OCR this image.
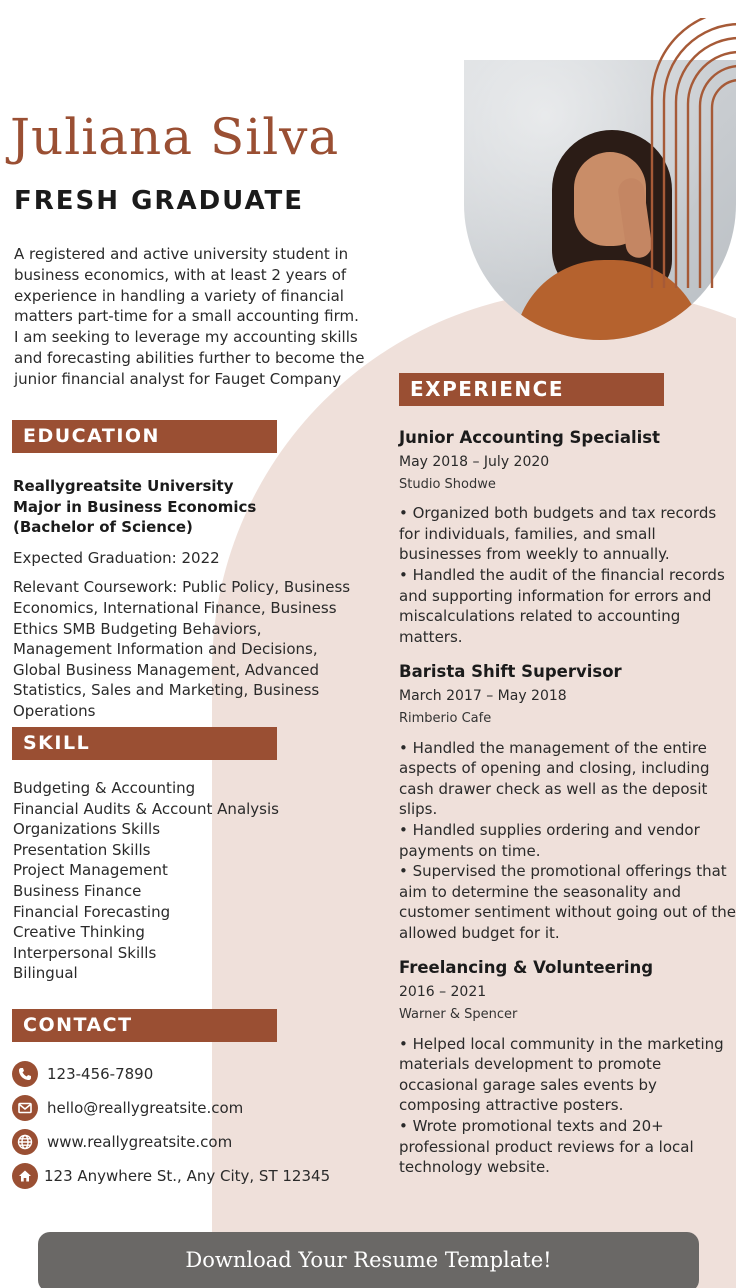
Juliana Silva
FRESH GRADUATE

A registered and active university student in business economics, with at least 2 years of experience in handling a variety of financial matters part-time for a small accounting firm. I am seeking to leverage my accounting skills and forecasting abilities further to become the junior financial analyst for Fauget Company

EDUCATION
Reallygreatsite University
Major in Business Economics
(Bachelor of Science)
Expected Graduation: 2022
Relevant Coursework: Public Policy, Business Economics, International Finance, Business Ethics SMB Budgeting Behaviors, Management Information and Decisions, Global Business Management, Advanced Statistics, Sales and Marketing, Business Operations
SKILL
Budgeting & Accounting
Financial Audits & Account Analysis
Organizations Skills
Presentation Skills
Project Management
Business Finance
Financial Forecasting
Creative Thinking
Interpersonal Skills
Bilingual
CONTACT
123-456-7890
hello@reallygreatsite.com
www.reallygreatsite.com
123 Anywhere St., Any City, ST 12345
EXPERIENCE
Junior Accounting Specialist
May 2018 – July 2020
Studio Shodwe

• Organized both budgets and tax records for individuals, families, and small businesses from weekly to annually.

• Handled the audit of the financial records and supporting information for errors and miscalculations related to accounting matters.

Barista Shift Supervisor
March 2017 – May 2018
Rimberio Cafe

• Handled the management of the entire aspects of opening and closing, including cash drawer check as well as the deposit slips.

• Handled supplies ordering and vendor payments on time.

• Supervised the promotional offerings that aim to determine the seasonality and customer sentiment without going out of the allowed budget for it.

Freelancing & Volunteering
2016 – 2021
Warner & Spencer

• Helped local community in the marketing materials development to promote occasional garage sales events by composing attractive posters.

• Wrote promotional texts and 20+ professional product reviews for a local technology website.

Download Your Resume Template!
